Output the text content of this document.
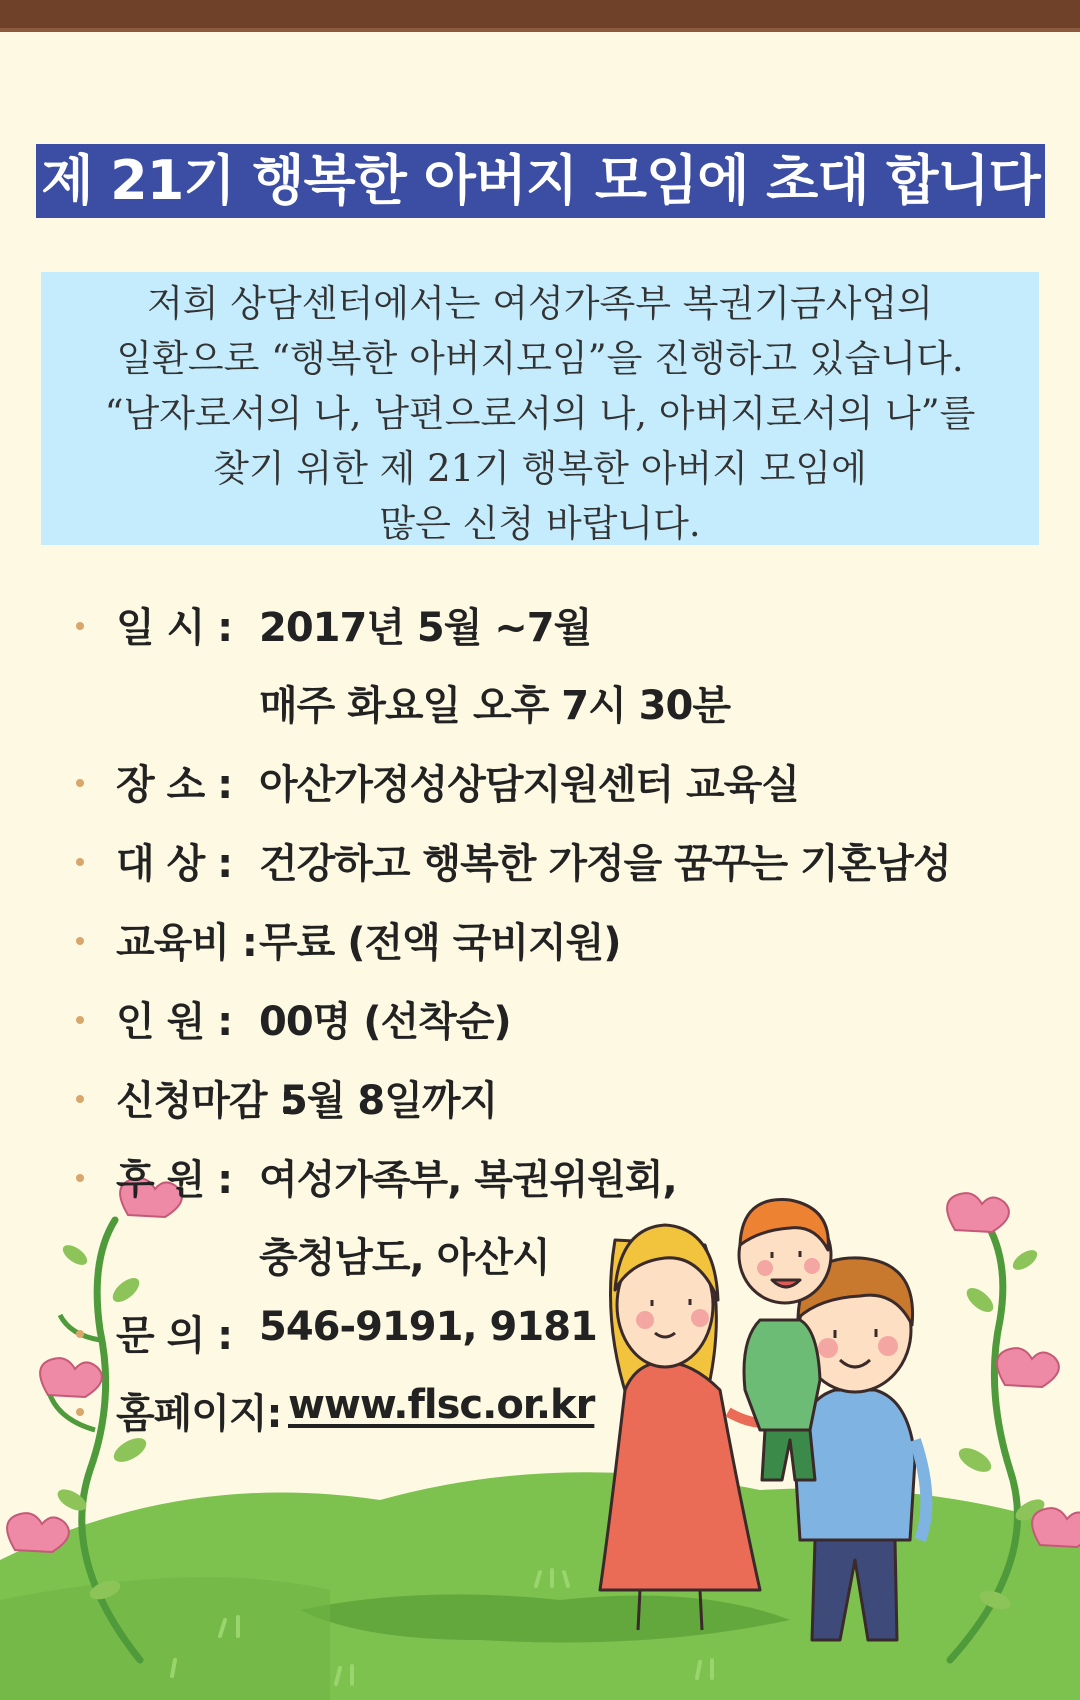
제 21기 행복한 아버지 모임에 초대 합니다
저희 상담센터에서는 여성가족부 복권기금사업의
일환으로 “행복한 아버지모임”을 진행하고 있습니다.
“남자로서의 나, 남편으로서의 나, 아버지로서의 나”를
찾기 위한 제 21기 행복한 아버지 모임에
많은 신청 바랍니다.
일 시 : 2017년 5월 ~7월
매주 화요일 오후 7시 30분
장 소 : 아산가정성상담지원센터 교육실
대 상 : 건강하고 행복한 가정을 꿈꾸는 기혼남성
교육비 : 무료 (전액 국비지원)
인 원 : 00명 (선착순)
신청마감 :
5월 8일까지
후 원 : 여성가족부, 복권위원회,
충청남도, 아산시
문 의 : 546-9191, 9181
홈페이지: www.flsc.or.kr
